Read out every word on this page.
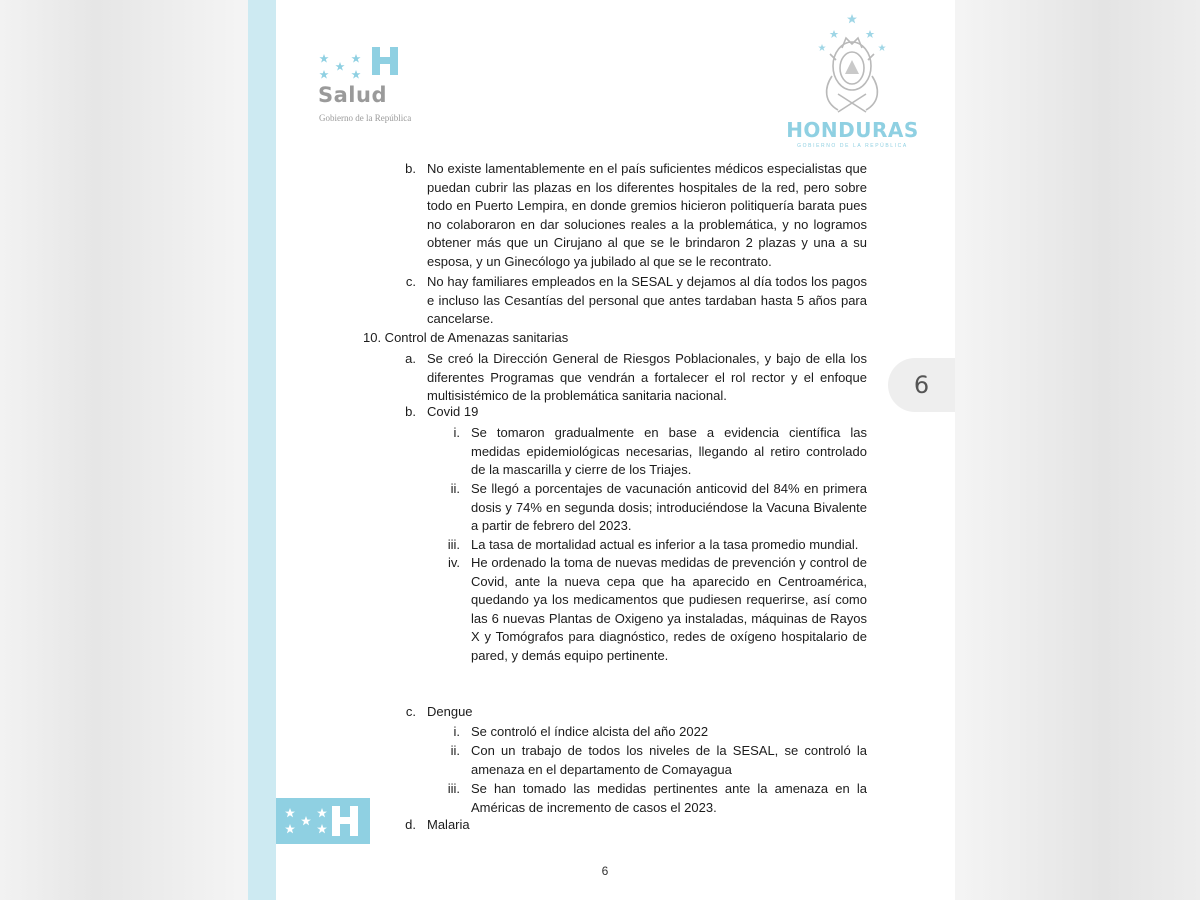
6
Salud
Gobierno de la República	HONDURAS
GOBIERNO DE LA REPÚBLICA
b. No existe lamentablemente en el país suficientes médicos especialistas que puedan cubrir las plazas en los diferentes hospitales de la red, pero sobre todo en Puerto Lempira, en donde gremios hicieron politiquería barata pues no colaboraron en dar soluciones reales a la problemática, y no logramos obtener más que un Cirujano al que se le brindaron 2 plazas y una a su esposa, y un Ginecólogo ya jubilado al que se le recontrato.
c. No hay familiares empleados en la SESAL y dejamos al día todos los pagos e incluso las Cesantías del personal que antes tardaban hasta 5 años para cancelarse.
10. Control de Amenazas sanitarias
a. Se creó la Dirección General de Riesgos Poblacionales, y bajo de ella los diferentes Programas que vendrán a fortalecer el rol rector y el enfoque multisistémico de la problemática sanitaria nacional.
b. Covid 19
i. Se tomaron gradualmente en base a evidencia científica las medidas epidemiológicas necesarias, llegando al retiro controlado de la mascarilla y cierre de los Triajes.
ii. Se llegó a porcentajes de vacunación anticovid del 84% en primera dosis y 74% en segunda dosis; introduciéndose la Vacuna Bivalente a partir de febrero del 2023.
iii. La tasa de mortalidad actual es inferior a la tasa promedio mundial.
iv. He ordenado la toma de nuevas medidas de prevención y control de Covid, ante la nueva cepa que ha aparecido en Centroamérica, quedando ya los medicamentos que pudiesen requerirse, así como las 6 nuevas Plantas de Oxigeno ya instaladas, máquinas de Rayos X y Tomógrafos para diagnóstico, redes de oxígeno hospitalario de pared, y demás equipo pertinente.
c. Dengue
i. Se controló el índice alcista del año 2022
ii. Con un trabajo de todos los niveles de la SESAL, se controló la amenaza en el departamento de Comayagua
iii. Se han tomado las medidas pertinentes ante la amenaza en la Américas de incremento de casos el 2023.
d. Malaria
6
